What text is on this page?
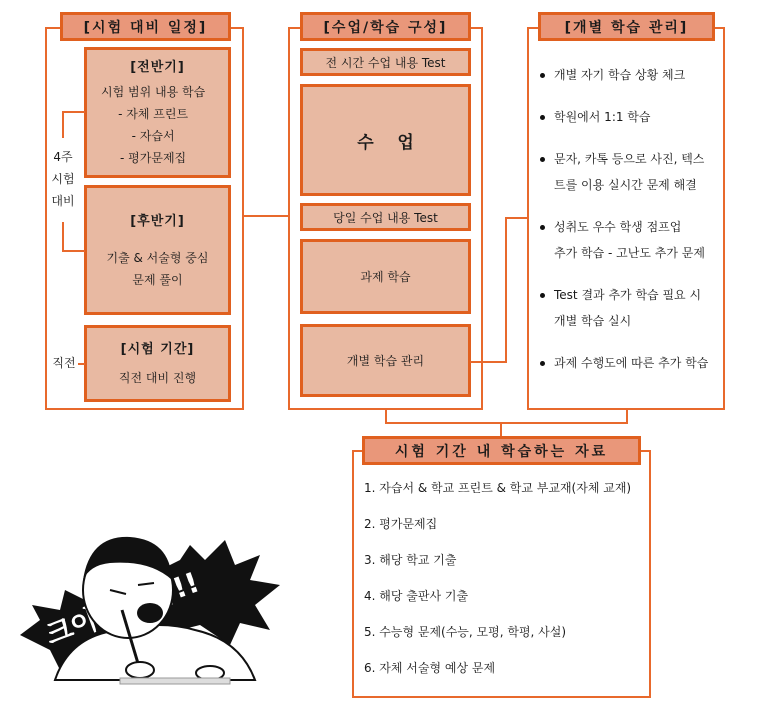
[시험 대비 일정]
[전반기]
시험 범위 내용 학습
- 자체 프린트
- 자습서
- 평가문제집
[후반기]
기출 & 서술형 중심
문제 풀이
[시험 기간]
직전 대비 진행
4주
시험
대비
직전
[수업/학습 구성]
전 시간 수업 내용 Test
수    업
당일 수업 내용 Test
과제 학습
개별 학습 관리
[개별 학습 관리]
개별 자기 학습 상황 체크
학원에서 1:1 학습
문자, 카톡 등으로 사진, 텍스
트를 이용 실시간 문제 해결
성취도 우수 학생 점프업
추가 학습 - 고난도 추가 문제
Test 결과 추가 학습 필요 시
개별 학습 실시
과제 수행도에 따른 추가 학습
시험 기간 내 학습하는 자료
1. 자습서 & 학교 프린트 & 학교 부교재(자체 교재)
2. 평가문제집
3. 해당 학교 기출
4. 해당 출판사 기출
5. 수능형 문제(수능, 모평, 학평, 사설)
6. 자체 서술형 예상 문제
